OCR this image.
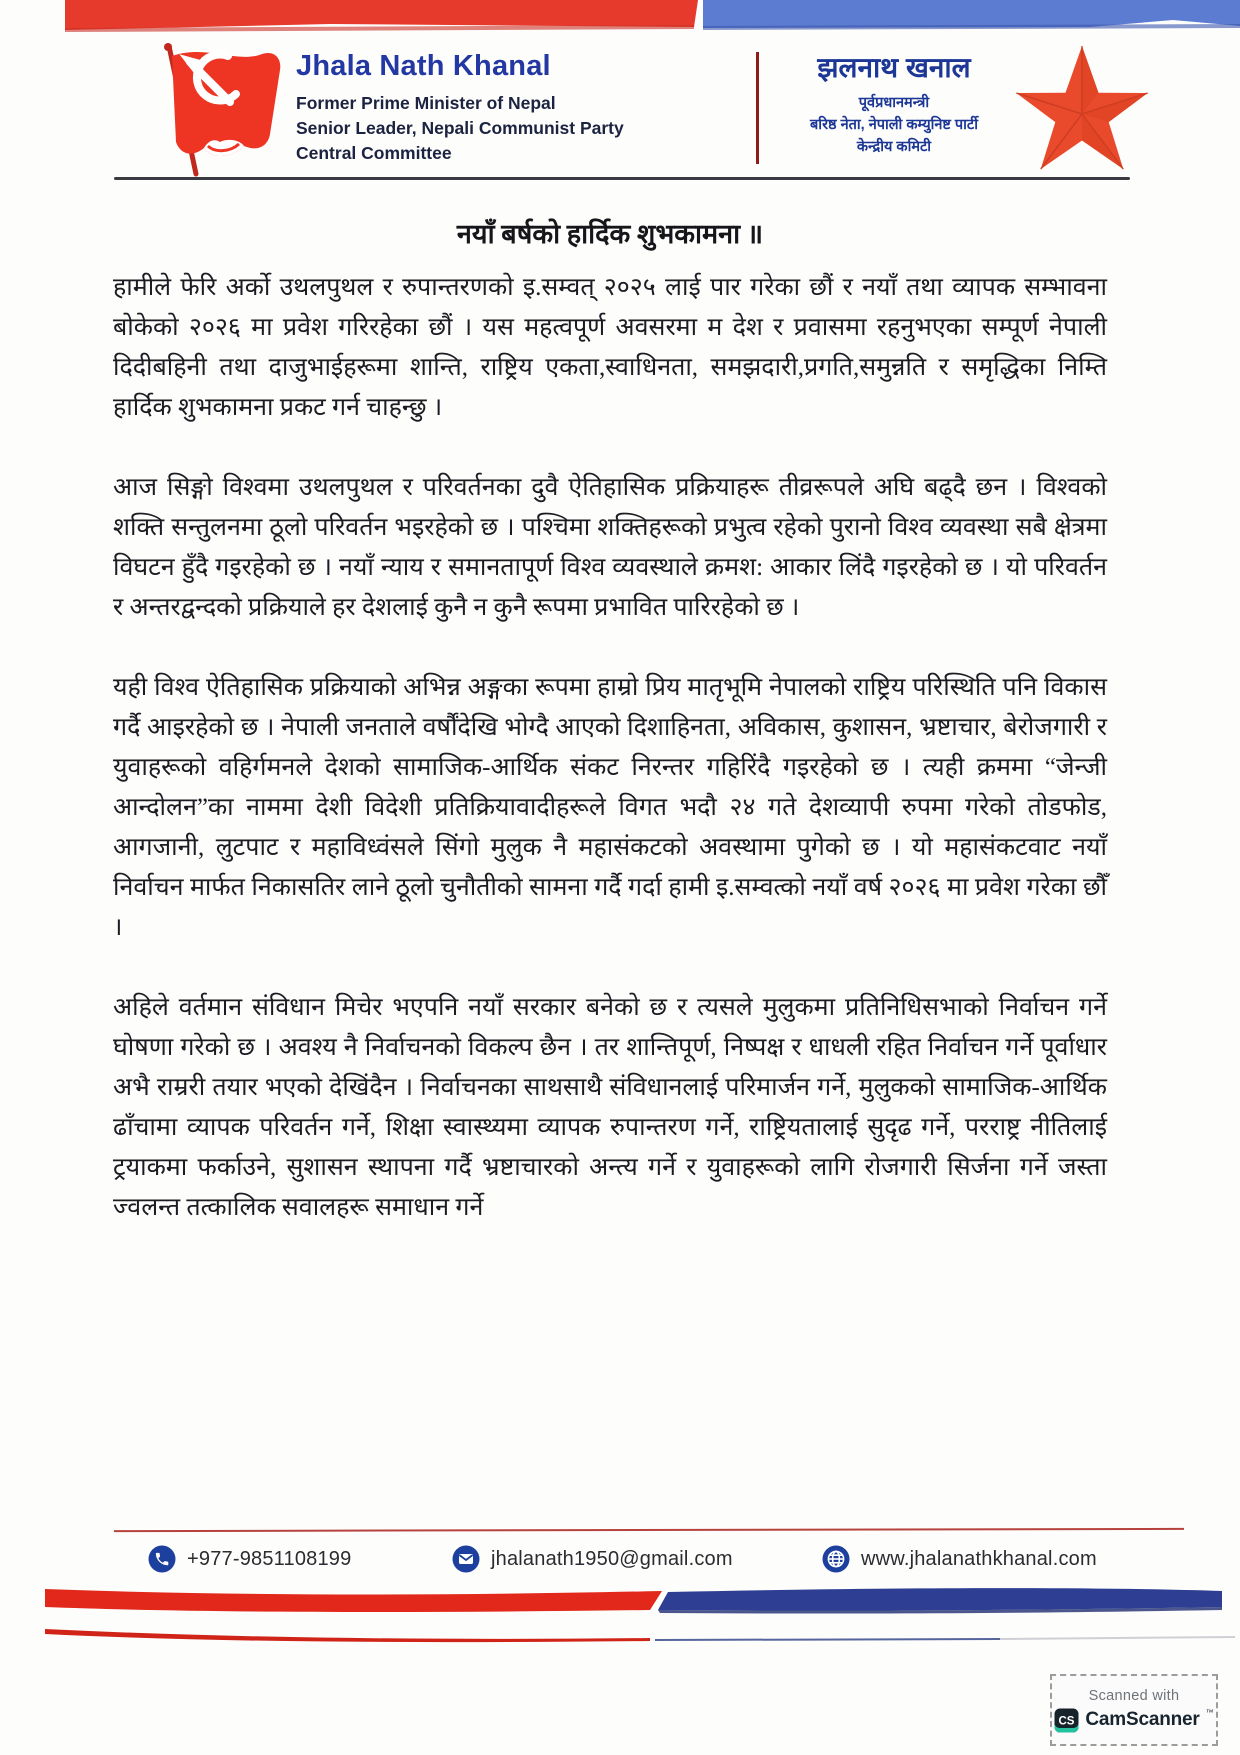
Jhala Nath Khanal

Former Prime Minister of Nepal

Senior Leader, Nepali Communist Party

Central Committee

झलनाथ खनाल

पूर्वप्रधानमन्त्री

बरिष्ठ नेता, नेपाली कम्युनिष्ट पार्टी

केन्द्रीय कमिटी

नयाँ बर्षको हार्दिक शुभकामना ॥

हामीले फेरि अर्को उथलपुथल र रुपान्तरणको इ.सम्वत् २०२५ लाई पार गरेका छौं र नयाँ तथा व्यापक सम्भावना बोकेको २०२६ मा प्रवेश गरिरहेका छौं । यस महत्वपूर्ण अवसरमा म देश र प्रवासमा रहनुभएका सम्पूर्ण नेपाली दिदीबहिनी तथा दाजुभाईहरूमा शान्ति, राष्ट्रिय एकता,स्वाधिनता, समझदारी,प्रगति,समुन्नति र समृद्धिका निम्ति हार्दिक शुभकामना प्रकट गर्न चाहन्छु ।

आज सिङ्गो विश्वमा उथलपुथल र परिवर्तनका दुवै ऐतिहासिक प्रक्रियाहरू तीव्ररूपले अघि बढ्दै छन । विश्वको शक्ति सन्तुलनमा ठूलो परिवर्तन भइरहेको छ । पश्चिमा शक्तिहरूको प्रभुत्व रहेको पुरानो विश्व व्यवस्था सबै क्षेत्रमा विघटन हुँदै गइरहेको छ । नयाँ न्याय र समानतापूर्ण विश्व व्यवस्थाले क्रमश: आकार लिंदै गइरहेको छ । यो परिवर्तन र अन्तरद्वन्दको प्रक्रियाले हर देशलाई कुनै न कुनै रूपमा प्रभावित पारिरहेको छ ।

यही विश्व ऐतिहासिक प्रक्रियाको अभिन्न अङ्गका रूपमा हाम्रो प्रिय मातृभूमि नेपालको राष्ट्रिय परिस्थिति पनि विकास गर्दै आइरहेको छ । नेपाली जनताले वर्षौंदेखि भोग्दै आएको दिशाहिनता, अविकास, कुशासन, भ्रष्टाचार, बेरोजगारी र युवाहरूको वहिर्गमनले देशको सामाजिक-आर्थिक संकट निरन्तर गहिरिंदै गइरहेको छ । त्यही क्रममा “जेन्जी आन्दोलन”का नाममा देशी विदेशी प्रतिक्रियावादीहरूले विगत भदौ २४ गते देशव्यापी रुपमा गरेको तोडफोड, आगजानी, लुटपाट र महाविध्वंसले सिंगो मुलुक नै महासंकटको अवस्थामा पुगेको छ । यो महासंकटवाट नयाँ निर्वाचन मार्फत निकासतिर लाने ठूलो चुनौतीको सामना गर्दै गर्दा हामी इ.सम्वत्को नयाँ वर्ष २०२६ मा प्रवेश गरेका छौँ ।

अहिले वर्तमान संविधान मिचेर भएपनि नयाँ सरकार बनेको छ र त्यसले मुलुकमा प्रतिनिधिसभाको निर्वाचन गर्ने घोषणा गरेको छ । अवश्य नै निर्वाचनको विकल्प छैन । तर शान्तिपूर्ण, निष्पक्ष र धाधली रहित निर्वाचन गर्ने पूर्वाधार अभै राम्ररी तयार भएको देखिंदैन । निर्वाचनका साथसाथै संविधानलाई परिमार्जन गर्ने, मुलुकको सामाजिक-आर्थिक ढाँचामा व्यापक परिवर्तन गर्ने, शिक्षा स्वास्थ्यमा व्यापक रुपान्तरण गर्ने, राष्ट्रियतालाई सुदृढ गर्ने, परराष्ट्र नीतिलाई ट्रयाकमा फर्काउने, सुशासन स्थापना गर्दै भ्रष्टाचारको अन्त्य गर्ने र युवाहरूको लागि रोजगारी सिर्जना गर्ने जस्ता ज्वलन्त तत्कालिक सवालहरू समाधान गर्ने

+977-9851108199	jhalanath1950@gmail.com	www.jhalanathkhanal.com
Scanned with
CS CamScanner ™
